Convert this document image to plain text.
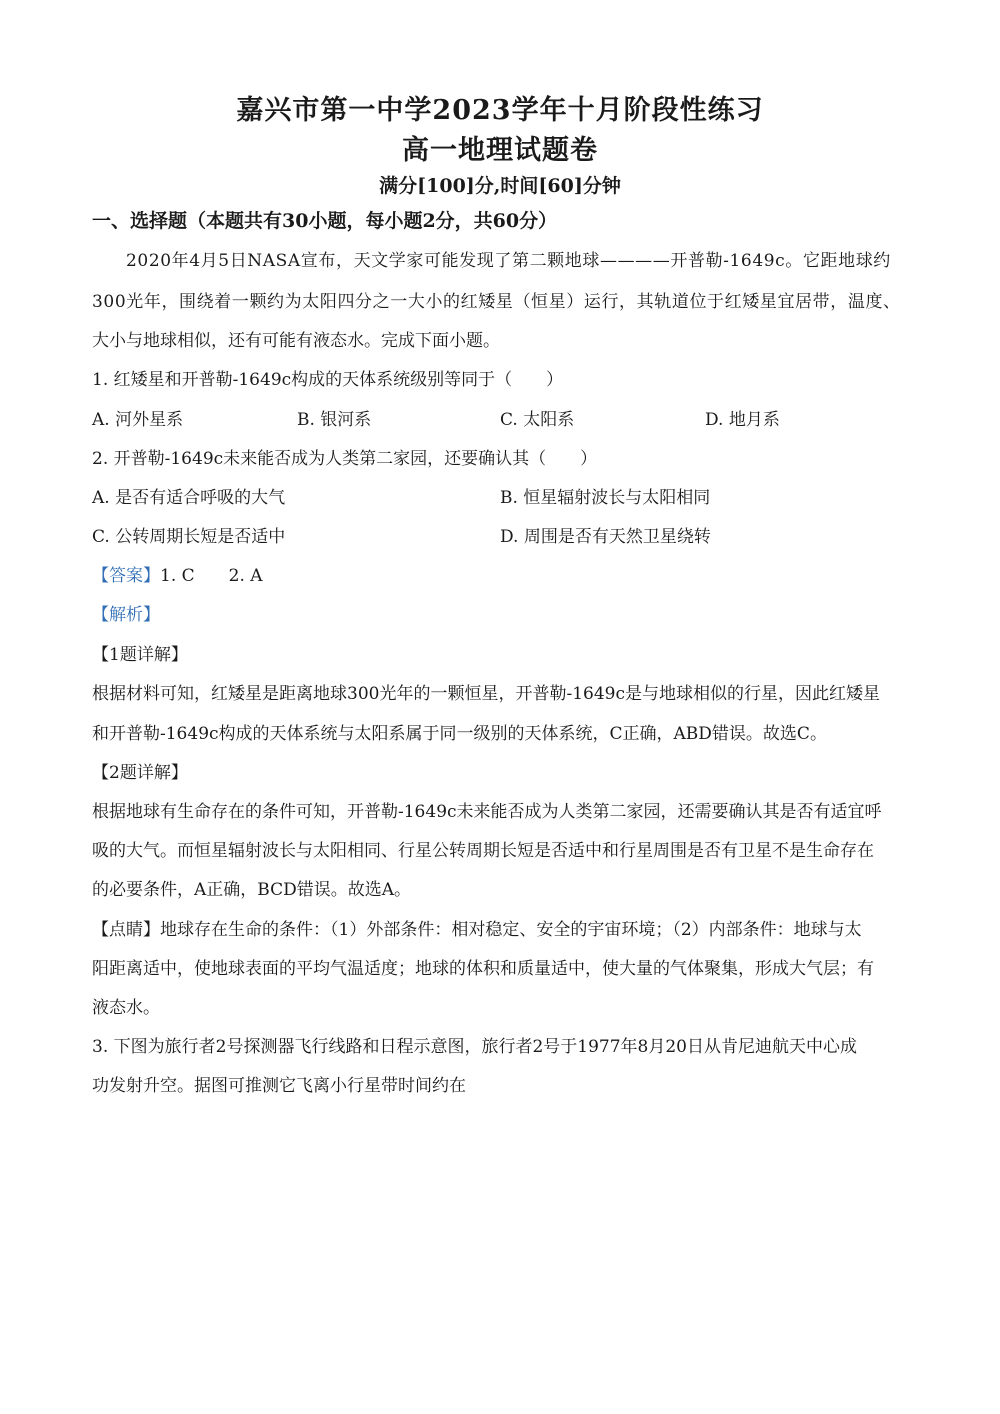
嘉兴市第一中学2023学年十月阶段性练习
高一地理试题卷
满分[100]分,时间[60]分钟
一、选择题（本题共有30小题，每小题2分，共60分）
2020年4月5日NASA宣布，天文学家可能发现了第二颗地球————开普勒-1649c。它距地球约
300光年，围绕着一颗约为太阳四分之一大小的红矮星（恒星）运行，其轨道位于红矮星宜居带，温度、
大小与地球相似，还有可能有液态水。完成下面小题。
1. 红矮星和开普勒-1649c构成的天体系统级别等同于（　　）
A. 河外星系	B. 银河系	C. 太阳系	D. 地月系
2. 开普勒-1649c未来能否成为人类第二家园，还要确认其（　　）
A. 是否有适合呼吸的大气	B. 恒星辐射波长与太阳相同
C. 公转周期长短是否适中	D. 周围是否有天然卫星绕转
【答案】1. C　　2. A
【解析】
【1题详解】
根据材料可知，红矮星是距离地球300光年的一颗恒星，开普勒-1649c是与地球相似的行星，因此红矮星
和开普勒-1649c构成的天体系统与太阳系属于同一级别的天体系统，C正确，ABD错误。故选C。
【2题详解】
根据地球有生命存在的条件可知，开普勒-1649c未来能否成为人类第二家园，还需要确认其是否有适宜呼
吸的大气。而恒星辐射波长与太阳相同、行星公转周期长短是否适中和行星周围是否有卫星不是生命存在
的必要条件，A正确，BCD错误。故选A。
【点睛】地球存在生命的条件：（1）外部条件：相对稳定、安全的宇宙环境；（2）内部条件：地球与太
阳距离适中，使地球表面的平均气温适度；地球的体积和质量适中，使大量的气体聚集，形成大气层；有
液态水。
3. 下图为旅行者2号探测器飞行线路和日程示意图，旅行者2号于1977年8月20日从肯尼迪航天中心成
功发射升空。据图可推测它飞离小行星带时间约在
